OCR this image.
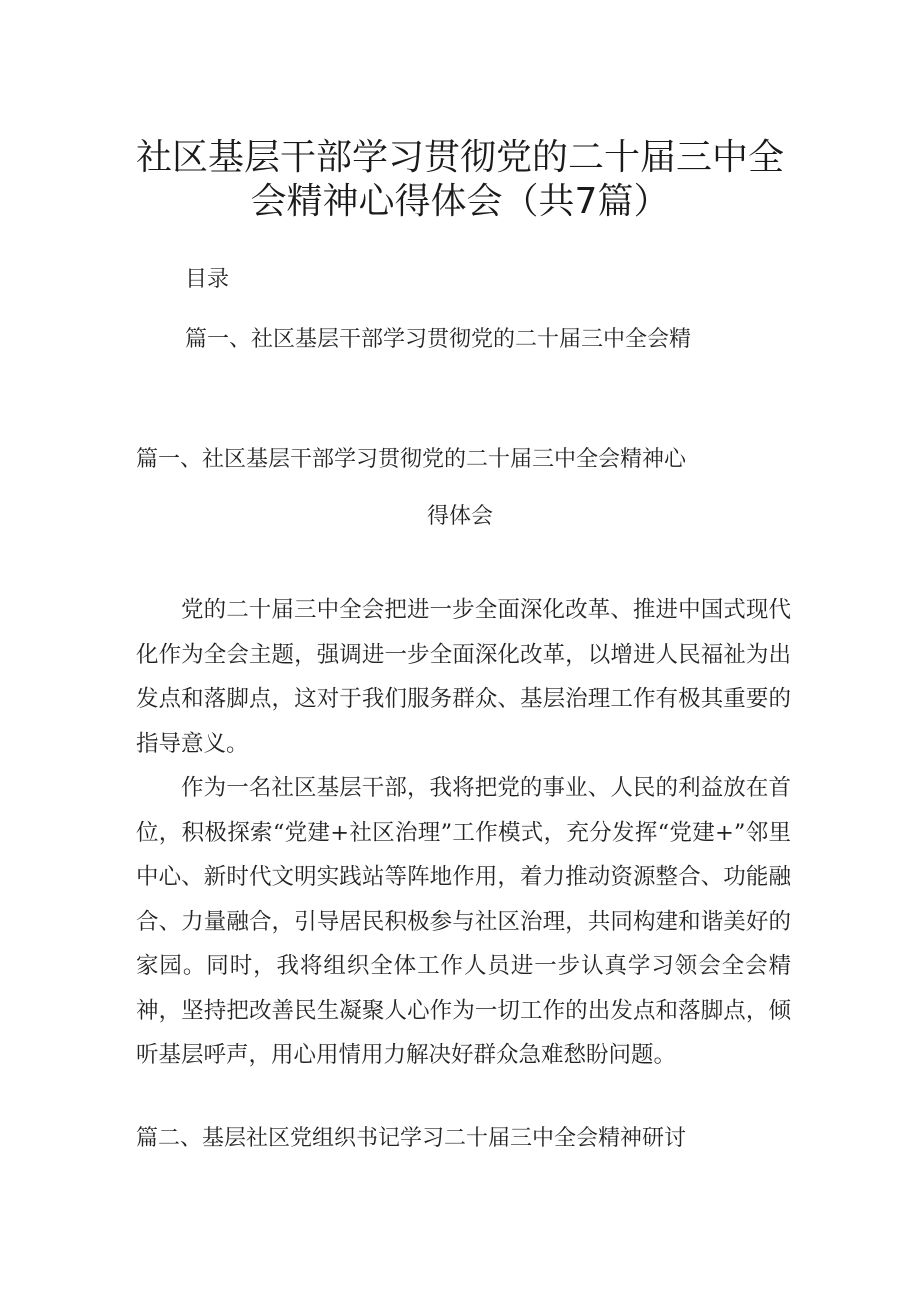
社区基层干部学习贯彻党的二十届三中全
会精神心得体会（共7篇）
目录
篇一、社区基层干部学习贯彻党的二十届三中全会精
篇一、社区基层干部学习贯彻党的二十届三中全会精神心
得体会

党的二十届三中全会把进一步全面深化改革、推进中国式现代化作为全会主题，强调进一步全面深化改革，以增进人民福祉为出发点和落脚点，这对于我们服务群众、基层治理工作有极其重要的指导意义。

作为一名社区基层干部，我将把党的事业、人民的利益放在首位，积极探索“党建+社区治理”工作模式，充分发挥“党建+”邻里中心、新时代文明实践站等阵地作用，着力推动资源整合、功能融合、力量融合，引导居民积极参与社区治理，共同构建和谐美好的家园。同时，我将组织全体工作人员进一步认真学习领会全会精神，坚持把改善民生凝聚人心作为一切工作的出发点和落脚点，倾听基层呼声，用心用情用力解决好群众急难愁盼问题。

篇二、基层社区党组织书记学习二十届三中全会精神研讨
